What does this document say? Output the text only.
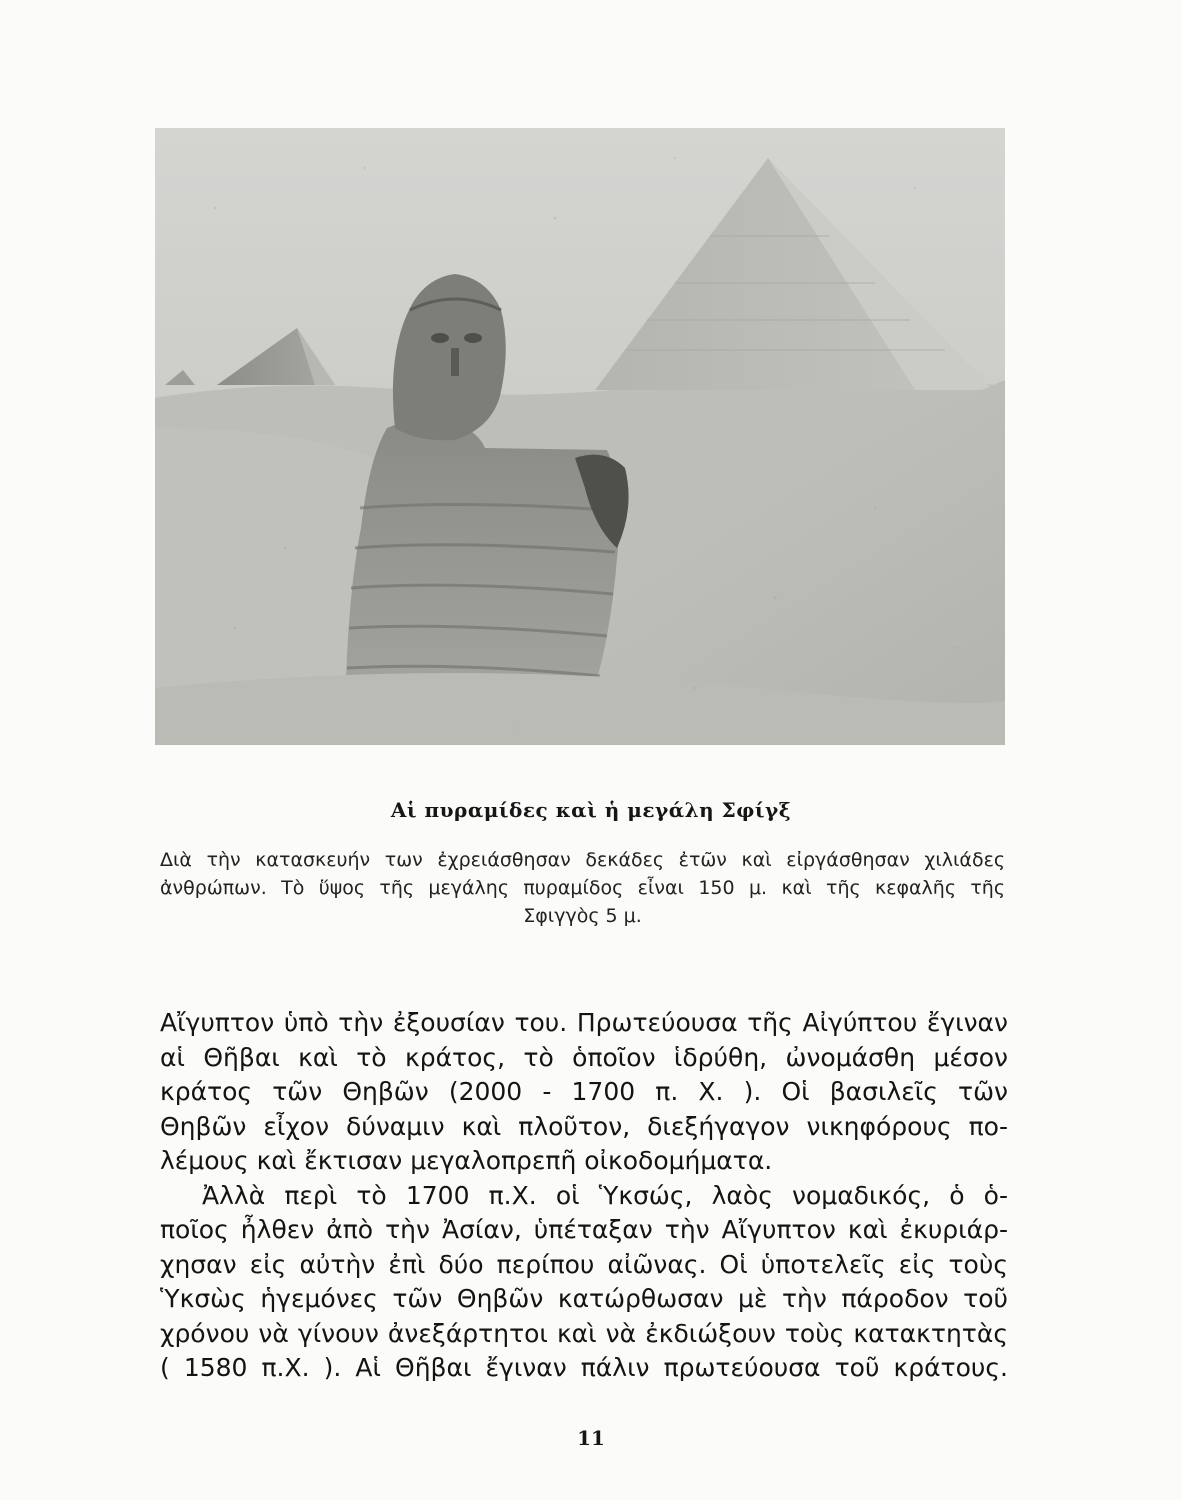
Αἱ πυραμίδες καὶ ἡ μεγάλη Σφίγξ

Διὰ τὴν κατασκευήν των ἐχρειάσθησαν δεκάδες ἐτῶν καὶ εἰργάσθησαν χιλιάδες
ἀνθρώπων. Τὸ ὕψος τῆς μεγάλης πυραμίδος εἶναι 150 μ. καὶ τῆς κεφαλῆς τῆς
Σφιγγὸς 5 μ.
Αἴγυπτον ὑπὸ τὴν ἐξουσίαν του. Πρωτεύουσα τῆς Αἰγύπτου ἔγιναν
αἱ Θῆβαι καὶ τὸ κράτος, τὸ ὁποῖον ἱδρύθη, ὠνομάσθη μέσον
κράτος τῶν Θηβῶν (2000 - 1700 π. Χ. ). Οἱ βασιλεῖς τῶν
Θηβῶν εἶχον δύναμιν καὶ πλοῦτον, διεξήγαγον νικηφόρους πο-
λέμους καὶ ἔκτισαν μεγαλοπρεπῆ οἰκοδομήματα.
Ἀλλὰ περὶ τὸ 1700 π.Χ. οἱ Ὑκσώς, λαὸς νομαδικός, ὁ ὁ-
ποῖος ἦλθεν ἀπὸ τὴν Ἀσίαν, ὑπέταξαν τὴν Αἴγυπτον καὶ ἐκυριάρ-
χησαν εἰς αὐτὴν ἐπὶ δύο περίπου αἰῶνας. Οἱ ὑποτελεῖς εἰς τοὺς
Ὑκσὼς ἡγεμόνες τῶν Θηβῶν κατώρθωσαν μὲ τὴν πάροδον τοῦ
χρόνου νὰ γίνουν ἀνεξάρτητοι καὶ νὰ ἐκδιώξουν τοὺς κατακτητὰς
( 1580 π.Χ. ). Αἱ Θῆβαι ἔγιναν πάλιν πρωτεύουσα τοῦ κράτους.

11
